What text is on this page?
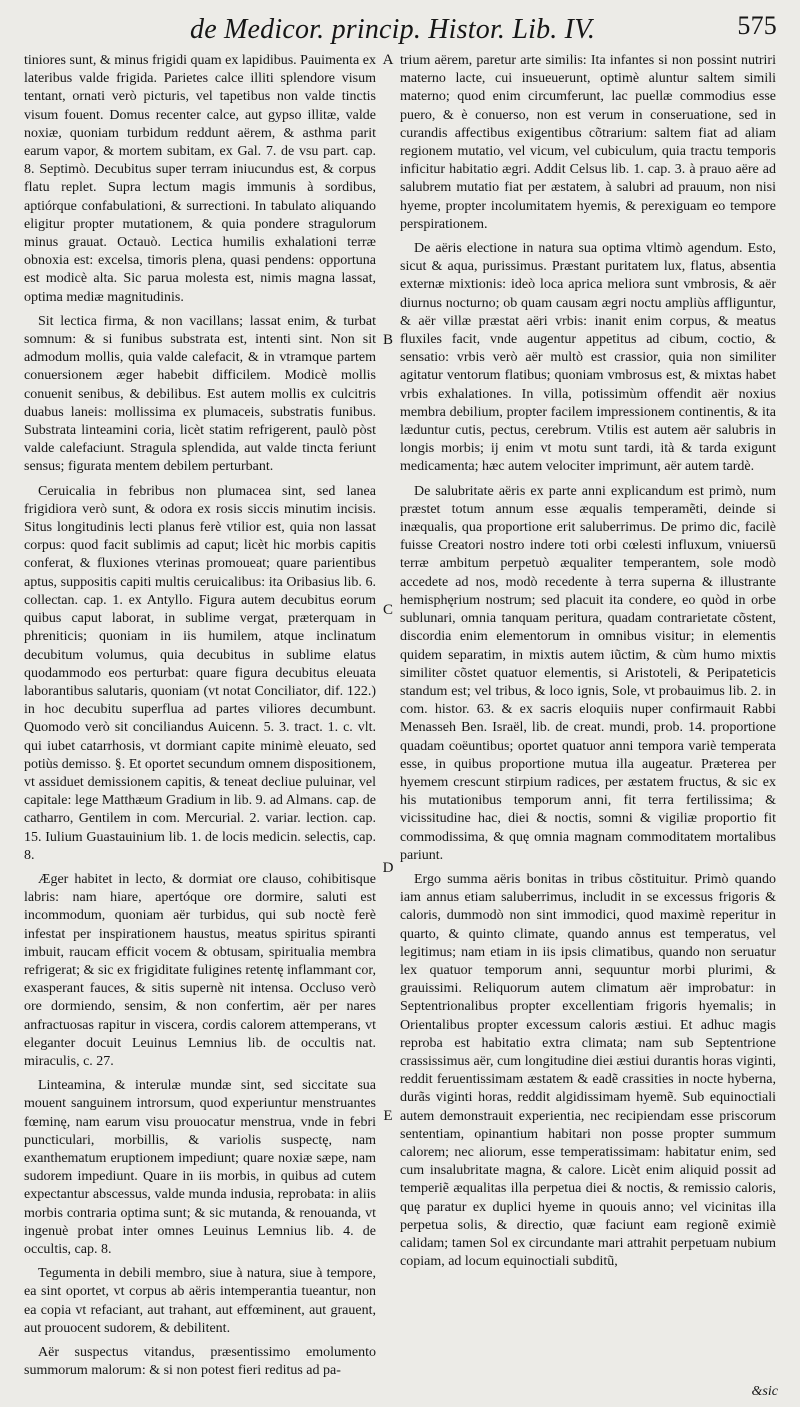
de Medicor. princip. Histor. Lib. IV.	575

tiniores sunt, & minus frigidi quam ex lapidibus. Pauimenta ex lateribus valde frigida. Parietes calce illiti splendore visum tentant, ornati verò picturis, vel tapetibus non valde tinctis visum fouent. Domus recenter calce, aut gypso illitæ, valde noxiæ, quoniam turbidum reddunt aërem, & asthma parit earum vapor, & mortem subitam, ex Gal. 7. de vsu part. cap. 8. Septimò. Decubitus super terram iniucundus est, & corpus flatu replet. Supra lectum magis immunis à sordibus, aptiórque confabulationi, & surrectioni. In tabulato aliquando eligitur propter mutationem, & quia pondere stragulorum minus grauat. Octauò. Lectica humilis exhalationi terræ obnoxia est: excelsa, timoris plena, quasi pendens: opportuna est modicè alta. Sic parua molesta est, nimis magna lassat, optima mediæ magnitudinis.

Sit lectica firma, & non vacillans; lassat enim, & turbat somnum: & si funibus substrata est, intenti sint. Non sit admodum mollis, quia valde calefacit, & in vtramque partem conuersionem æger habebit difficilem. Modicè mollis conuenit senibus, & debilibus. Est autem mollis ex culcitris duabus laneis: mollissima ex plumaceis, substratis funibus. Substrata linteamini coria, licèt statim refrigerent, paulò pòst valde calefaciunt. Stragula splendida, aut valde tincta feriunt sensus; figurata mentem debilem perturbant.

Ceruicalia in febribus non plumacea sint, sed lanea frigidiora verò sunt, & odora ex rosis siccis minutim incisis. Situs longitudinis lecti planus ferè vtilior est, quia non lassat corpus: quod facit sublimis ad caput; licèt hic morbis capitis conferat, & fluxiones vterinas promoueat; quare parientibus aptus, suppositis capiti multis ceruicalibus: ita Oribasius lib. 6. collectan. cap. 1. ex Antyllo. Figura autem decubitus eorum quibus caput laborat, in sublime vergat, præterquam in phreniticis; quoniam in iis humilem, atque inclinatum decubitum volumus, quia decubitus in sublime elatus quodammodo eos perturbat: quare figura decubitus eleuata laborantibus salutaris, quoniam (vt notat Conciliator, dif. 122.) in hoc decubitu superflua ad partes viliores decumbunt. Quomodo verò sit conciliandus Auicenn. 5. 3. tract. 1. c. vlt. qui iubet catarrhosis, vt dormiant capite minimè eleuato, sed potiùs demisso. §. Et oportet secundum omnem dispositionem, vt assiduet demissionem capitis, & teneat decliue puluinar, vel capitale: lege Matthæum Gradium in lib. 9. ad Almans. cap. de catharro, Gentilem in com. Mercurial. 2. variar. lection. cap. 15. Iulium Guastauinium lib. 1. de locis medicin. selectis, cap. 8.

Æger habitet in lecto, & dormiat ore clauso, cohibitisque labris: nam hiare, apertóque ore dormire, saluti est incommodum, quoniam aër turbidus, qui sub noctè ferè infestat per inspirationem haustus, meatus spiritus spiranti imbuit, raucam efficit vocem & obtusam, spiritualia membra refrigerat; & sic ex frigiditate fuligines retentę inflammant cor, exasperant fauces, & sitis supernè nit intensa. Occluso verò ore dormiendo, sensim, & non confertim, aër per nares anfractuosas rapitur in viscera, cordis calorem attemperans, vt eleganter docuit Leuinus Lemnius lib. de occultis nat. miraculis, c. 27.

Linteamina, & interulæ mundæ sint, sed siccitate sua mouent sanguinem introrsum, quod experiuntur menstruantes fœminę, nam earum visu prouocatur menstrua, vnde in febri puncticulari, morbillis, & variolis suspectę, nam exanthematum eruptionem impediunt; quare noxiæ sæpe, nam sudorem impediunt. Quare in iis morbis, in quibus ad cutem expectantur abscessus, valde munda indusia, reprobata: in aliis morbis contraria optima sunt; & sic mutanda, & renouanda, vt ingenuè probat inter omnes Leuinus Lemnius lib. 4. de occultis, cap. 8.

Tegumenta in debili membro, siue à natura, siue à tempore, ea sint oportet, vt corpus ab aëris intemperantia tueantur, non ea copia vt refaciant, aut trahant, aut effœminent, aut grauent, aut prouocent sudorem, & debilitent.

Aër suspectus vitandus, præsentissimo emolumento summorum malorum: & si non potest fieri reditus ad pa-

A
B
C
D
E

trium aërem, paretur arte similis: Ita infantes si non possint nutriri materno lacte, cui insueuerunt, optimè aluntur saltem simili materno; quod enim circumferunt, lac puellæ commodius esse puero, & è conuerso, non est verum in conseruatione, sed in curandis affectibus exigentibus cõtrarium: saltem fiat ad aliam regionem mutatio, vel vicum, vel cubiculum, quia tractu temporis inficitur habitatio ægri. Addit Celsus lib. 1. cap. 3. à prauo aëre ad salubrem mutatio fiat per æstatem, à salubri ad prauum, non nisi hyeme, propter incolumitatem hyemis, & perexiguam eo tempore perspirationem.

De aëris electione in natura sua optima vltimò agendum. Esto, sicut & aqua, purissimus. Præstant puritatem lux, flatus, absentia externæ mixtionis: ideò loca aprica meliora sunt vmbrosis, & aër diurnus nocturno; ob quam causam ægri noctu ampliùs affliguntur, & aër villæ præstat aëri vrbis: inanit enim corpus, & meatus fluxiles facit, vnde augentur appetitus ad cibum, coctio, & sensatio: vrbis verò aër multò est crassior, quia non similiter agitatur ventorum flatibus; quoniam vmbrosus est, & mixtas habet vrbis exhalationes. In villa, potissimùm offendit aër noxius membra debilium, propter facilem impressionem continentis, & ita læduntur cutis, pectus, cerebrum. Vtilis est autem aër salubris in longis morbis; ij enim vt motu sunt tardi, ità & tarda exigunt medicamenta; hæc autem velociter imprimunt, aër autem tardè.

De salubritate aëris ex parte anni explicandum est primò, num præstet totum annum esse æqualis temperamẽti, deinde si inæqualis, qua proportione erit saluberrimus. De primo dic, facilè fuisse Creatori nostro indere toti orbi cœlesti influxum, vniuersū terræ ambitum perpetuò æqualiter temperantem, sole modò accedete ad nos, modò recedente à terra superna & illustrante hemisphęrium nostrum; sed placuit ita condere, eo quòd in orbe sublunari, omnia tanquam peritura, quadam contrarietate cõstent, discordia enim elementorum in omnibus visitur; in elementis quidem separatim, in mixtis autem iũctim, & cùm humo mixtis similiter cõstet quatuor elementis, si Aristoteli, & Peripateticis standum est; vel tribus, & loco ignis, Sole, vt probauimus lib. 2. in com. histor. 63. & ex sacris eloquiis nuper confirmauit Rabbi Menasseh Ben. Israël, lib. de creat. mundi, prob. 14. proportione quadam coëuntibus; oportet quatuor anni tempora variè temperata esse, in quibus proportione mutua illa augeatur. Præterea per hyemem crescunt stirpium radices, per æstatem fructus, & sic ex his mutationibus temporum anni, fit terra fertilissima; & vicissitudine hac, diei & noctis, somni & vigiliæ proportio fit commodissima, & quę omnia magnam commoditatem mortalibus pariunt.

Ergo summa aëris bonitas in tribus cõstituitur. Primò quando iam annus etiam saluberrimus, includit in se excessus frigoris & caloris, dummodò non sint immodici, quod maximè reperitur in quarto, & quinto climate, quando annus est temperatus, vel legitimus; nam etiam in iis ipsis climatibus, quando non seruatur lex quatuor temporum anni, sequuntur morbi plurimi, & grauissimi. Reliquorum autem climatum aër improbatur: in Septentrionalibus propter excellentiam frigoris hyemalis; in Orientalibus propter excessum caloris æstiui. Et adhuc magis reproba est habitatio extra climata; nam sub Septentrione crassissimus aër, cum longitudine diei æstiui durantis horas viginti, reddit feruentissimam æstatem & eadẽ crassities in nocte hyberna, durãs viginti horas, reddit algidissimam hyemẽ. Sub equinoctiali autem demonstrauit experientia, nec recipiendam esse priscorum sententiam, opinantium habitari non posse propter summum calorem; nec aliorum, esse temperatissimam: habitatur enim, sed cum insalubritate magna, & calore. Licèt enim aliquid possit ad temperiẽ æqualitas illa perpetua diei & noctis, & remissio caloris, quę paratur ex duplici hyeme in quouis anno; vel vicinitas illa perpetua solis, & directio, quæ faciunt eam regionẽ eximiè calidam; tamen Sol ex circundante mari attrahit perpetuam nubium copiam, ad locum equinoctiali subditũ,

&sic
